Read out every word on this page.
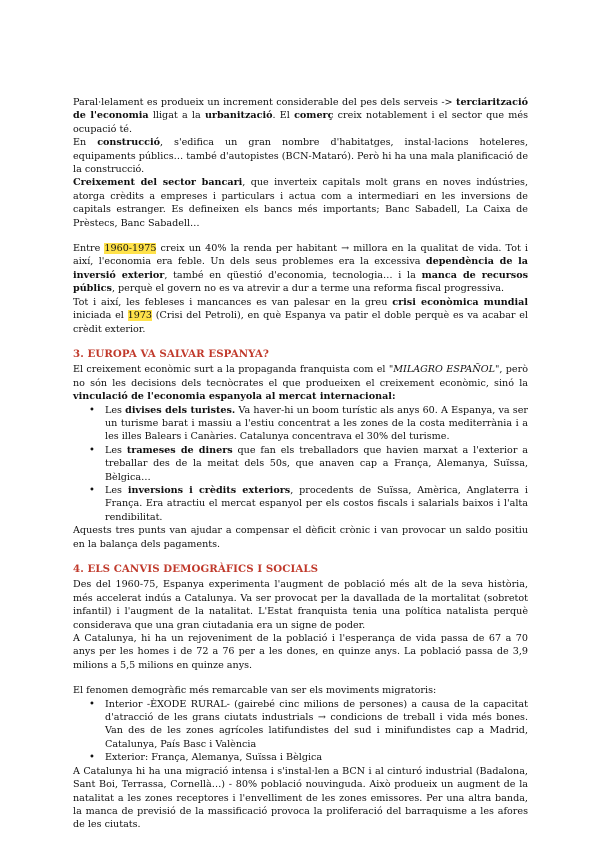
Paral·lelament es produeix un increment considerable del pes dels serveis -> terciarització de l'economia lligat a la urbanització. El comerç creix notablement i el sector que més ocupació té.

En construcció, s'edifica un gran nombre d'habitatges, instal·lacions hoteleres, equipaments públics… també d'autopistes (BCN-Mataró). Però hi ha una mala planificació de la construcció.

Creixement del sector bancari, que inverteix capitals molt grans en noves indústries, atorga crèdits a empreses i particulars i actua com a intermediari en les inversions de capitals estranger. Es defineixen els bancs més importants; Banc Sabadell, La Caixa de Prèstecs, Banc Sabadell…

Entre 1960-1975 creix un 40% la renda per habitant → millora en la qualitat de vida. Tot i així, l'economia era feble. Un dels seus problemes era la excessiva dependència de la inversió exterior, també en qüestió d'economia, tecnologia… i la manca de recursos públics, perquè el govern no es va atrevir a dur a terme una reforma fiscal progressiva.

Tot i així, les febleses i mancances es van palesar en la greu crisi econòmica mundial iniciada el 1973 (Crisi del Petroli), en què Espanya va patir el doble perquè es va acabar el crèdit exterior.

3. EUROPA VA SALVAR ESPANYA?

El creixement econòmic surt a la propaganda franquista com el "MILAGRO ESPAÑOL", però no són les decisions dels tecnòcrates el que produeixen el creixement econòmic, sinó la vinculació de l'economia espanyola al mercat internacional:

• Les divises dels turistes. Va haver-hi un boom turístic als anys 60. A Espanya, va ser un turisme barat i massiu a l'estiu concentrat a les zones de la costa mediterrània i a les illes Balears i Canàries. Catalunya concentrava el 30% del turisme.
• Les trameses de diners que fan els treballadors que havien marxat a l'exterior a treballar des de la meitat dels 50s, que anaven cap a França, Alemanya, Suïssa, Bèlgica…
• Les inversions i crèdits exteriors, procedents de Suïssa, Amèrica, Anglaterra i França. Era atractiu el mercat espanyol per els costos fiscals i salarials baixos i l'alta rendibilitat.

Aquests tres punts van ajudar a compensar el dèficit crònic i van provocar un saldo positiu en la balança dels pagaments.

4. ELS CANVIS DEMOGRÀFICS I SOCIALS

Des del 1960-75, Espanya experimenta l'augment de població més alt de la seva història, més accelerat indús a Catalunya. Va ser provocat per la davallada de la mortalitat (sobretot infantil) i l'augment de la natalitat. L'Estat franquista tenia una política natalista perquè considerava que una gran ciutadania era un signe de poder.

A Catalunya, hi ha un rejoveniment de la població i l'esperança de vida passa de 67 a 70 anys per les homes i de 72 a 76 per a les dones, en quinze anys. La població passa de 3,9 milions a 5,5 milions en quinze anys.

El fenomen demogràfic més remarcable van ser els moviments migratoris:

• Interior -ÈXODE RURAL- (gairebé cinc milions de persones) a causa de la capacitat d'atracció de les grans ciutats industrials → condicions de treball i vida més bones. Van des de les zones agrícoles latifundistes del sud i minifundistes cap a Madrid, Catalunya, País Basc i València
• Exterior: França, Alemanya, Suïssa i Bèlgica

A Catalunya hi ha una migració intensa i s'instal·len a BCN i al cinturó industrial (Badalona, Sant Boi, Terrassa, Cornellà…) - 80% població nouvinguda. Això produeix un augment de la natalitat a les zones receptores i l'envelliment de les zones emissores. Per una altra banda, la manca de previsió de la massificació provoca la proliferació del barraquisme a les afores de les ciutats.
